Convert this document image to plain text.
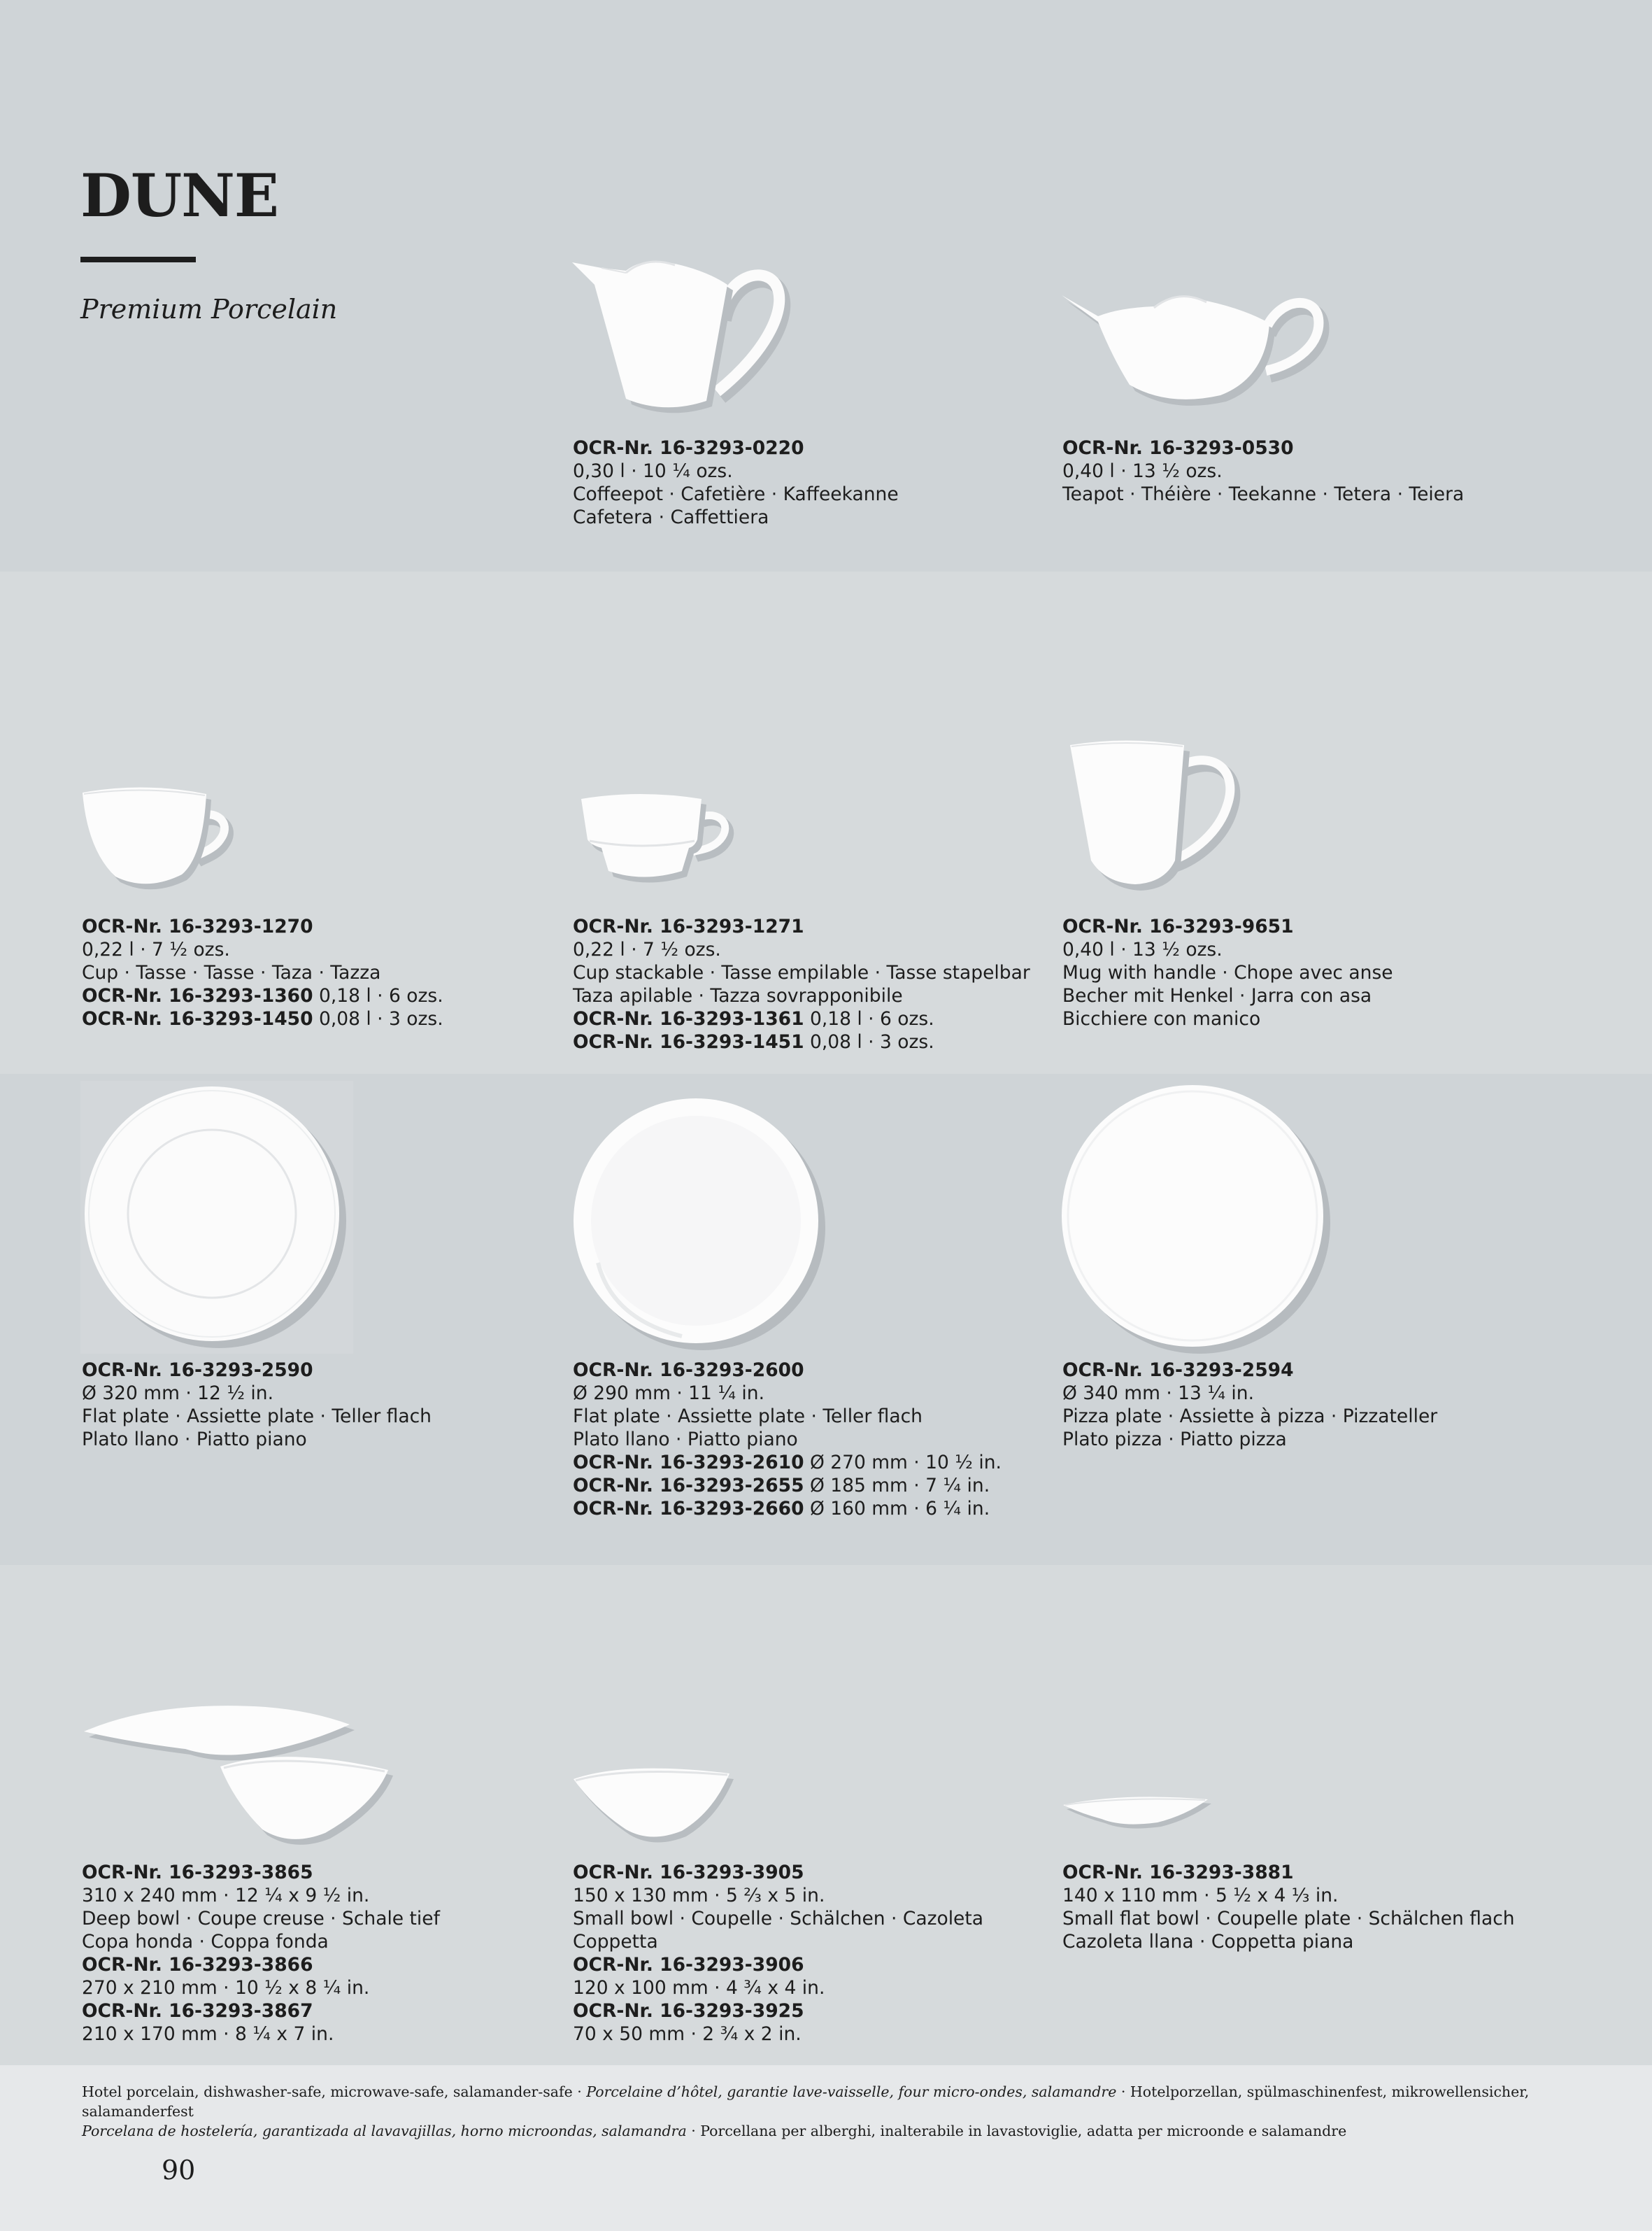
DUNE
Premium Porcelain
OCR-Nr. 16-3293-0220
0,30 l · 10 ¼ ozs.
Coffeepot · Cafetière · Kaffeekanne
Cafetera · Caffettiera
OCR-Nr. 16-3293-0530
0,40 l · 13 ½ ozs.
Teapot · Théière · Teekanne · Tetera · Teiera
OCR-Nr. 16-3293-1270
0,22 l · 7 ½ ozs.
Cup · Tasse · Tasse · Taza · Tazza
OCR-Nr. 16-3293-1360 0,18 l · 6 ozs.
OCR-Nr. 16-3293-1450 0,08 l · 3 ozs.
OCR-Nr. 16-3293-1271
0,22 l · 7 ½ ozs.
Cup stackable · Tasse empilable · Tasse stapelbar
Taza apilable · Tazza sovrapponibile
OCR-Nr. 16-3293-1361 0,18 l · 6 ozs.
OCR-Nr. 16-3293-1451 0,08 l · 3 ozs.
OCR-Nr. 16-3293-9651
0,40 l · 13 ½ ozs.
Mug with handle · Chope avec anse
Becher mit Henkel · Jarra con asa
Bicchiere con manico
OCR-Nr. 16-3293-2590
Ø 320 mm · 12 ½ in.
Flat plate · Assiette plate · Teller flach
Plato llano · Piatto piano
OCR-Nr. 16-3293-2600
Ø 290 mm · 11 ¼ in.
Flat plate · Assiette plate · Teller flach
Plato llano · Piatto piano
OCR-Nr. 16-3293-2610 Ø 270 mm · 10 ½ in.
OCR-Nr. 16-3293-2655 Ø 185 mm · 7 ¼ in.
OCR-Nr. 16-3293-2660 Ø 160 mm · 6 ¼ in.
OCR-Nr. 16-3293-2594
Ø 340 mm · 13 ¼ in.
Pizza plate · Assiette à pizza · Pizzateller
Plato pizza · Piatto pizza
OCR-Nr. 16-3293-3865
310 x 240 mm · 12 ¼ x 9 ½ in.
Deep bowl · Coupe creuse · Schale tief
Copa honda · Coppa fonda
OCR-Nr. 16-3293-3866
270 x 210 mm · 10 ½ x 8 ¼ in.
OCR-Nr. 16-3293-3867
210 x 170 mm · 8 ¼ x 7 in.
OCR-Nr. 16-3293-3905
150 x 130 mm · 5 ⅔ x 5 in.
Small bowl · Coupelle · Schälchen · Cazoleta
Coppetta
OCR-Nr. 16-3293-3906
120 x 100 mm · 4 ¾ x 4 in.
OCR-Nr. 16-3293-3925
70 x 50 mm · 2 ¾ x 2 in.
OCR-Nr. 16-3293-3881
140 x 110 mm · 5 ½ x 4 ⅓ in.
Small flat bowl · Coupelle plate · Schälchen flach
Cazoleta llana · Coppetta piana
Hotel porcelain, dishwasher-safe, microwave-safe, salamander-safe · Porcelaine d’hôtel, garantie lave-vaisselle, four micro-ondes, salamandre · Hotelporzellan, spülmaschinenfest, mikrowellensicher, salamanderfest
Porcelana de hostelería, garantizada al lavavajillas, horno microondas, salamandra · Porcellana per alberghi, inalterabile in lavastoviglie, adatta per microonde e salamandre
90
